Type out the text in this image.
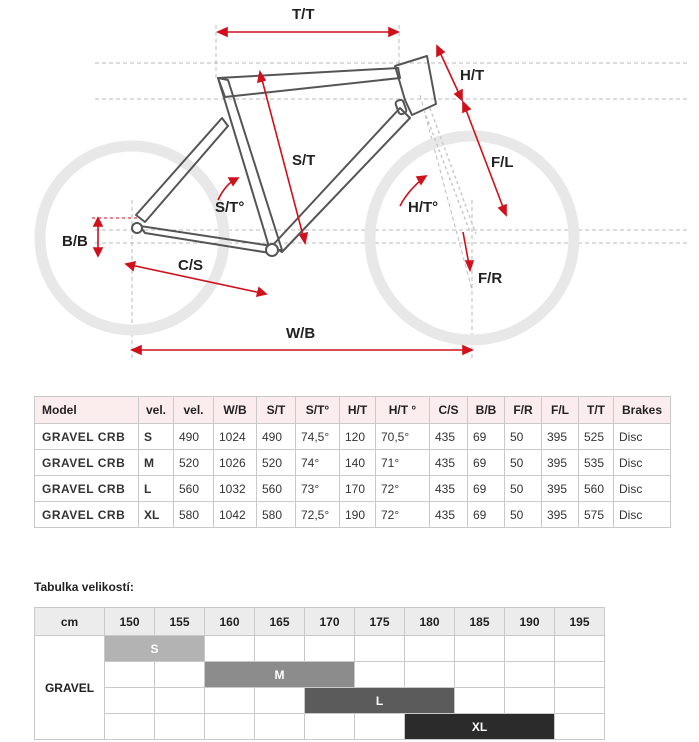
T/T
H/T
S/T	F/L
S/T°	H/T°
B/B
C/S
F/R
W/B
Model	vel.	vel.	W/B	S/T	S/T°	H/T	H/T °	C/S	B/B	F/R	F/L	T/T	Brakes
GRAVEL CRB	S	490	1024	490	74,5°	120	70,5°	435	69	50	395	525	Disc
GRAVEL CRB	M	520	1026	520	74°	140	71°	435	69	50	395	535	Disc
GRAVEL CRB	L	560	1032	560	73°	170	72°	435	69	50	395	560	Disc
GRAVEL CRB	XL	580	1042	580	72,5°	190	72°	435	69	50	395	575	Disc
Tabulka velikostí:
cm	150	155	160	165	170	175	180	185	190	195
GRAVEL	S									
			M							
					L					
							XL			
